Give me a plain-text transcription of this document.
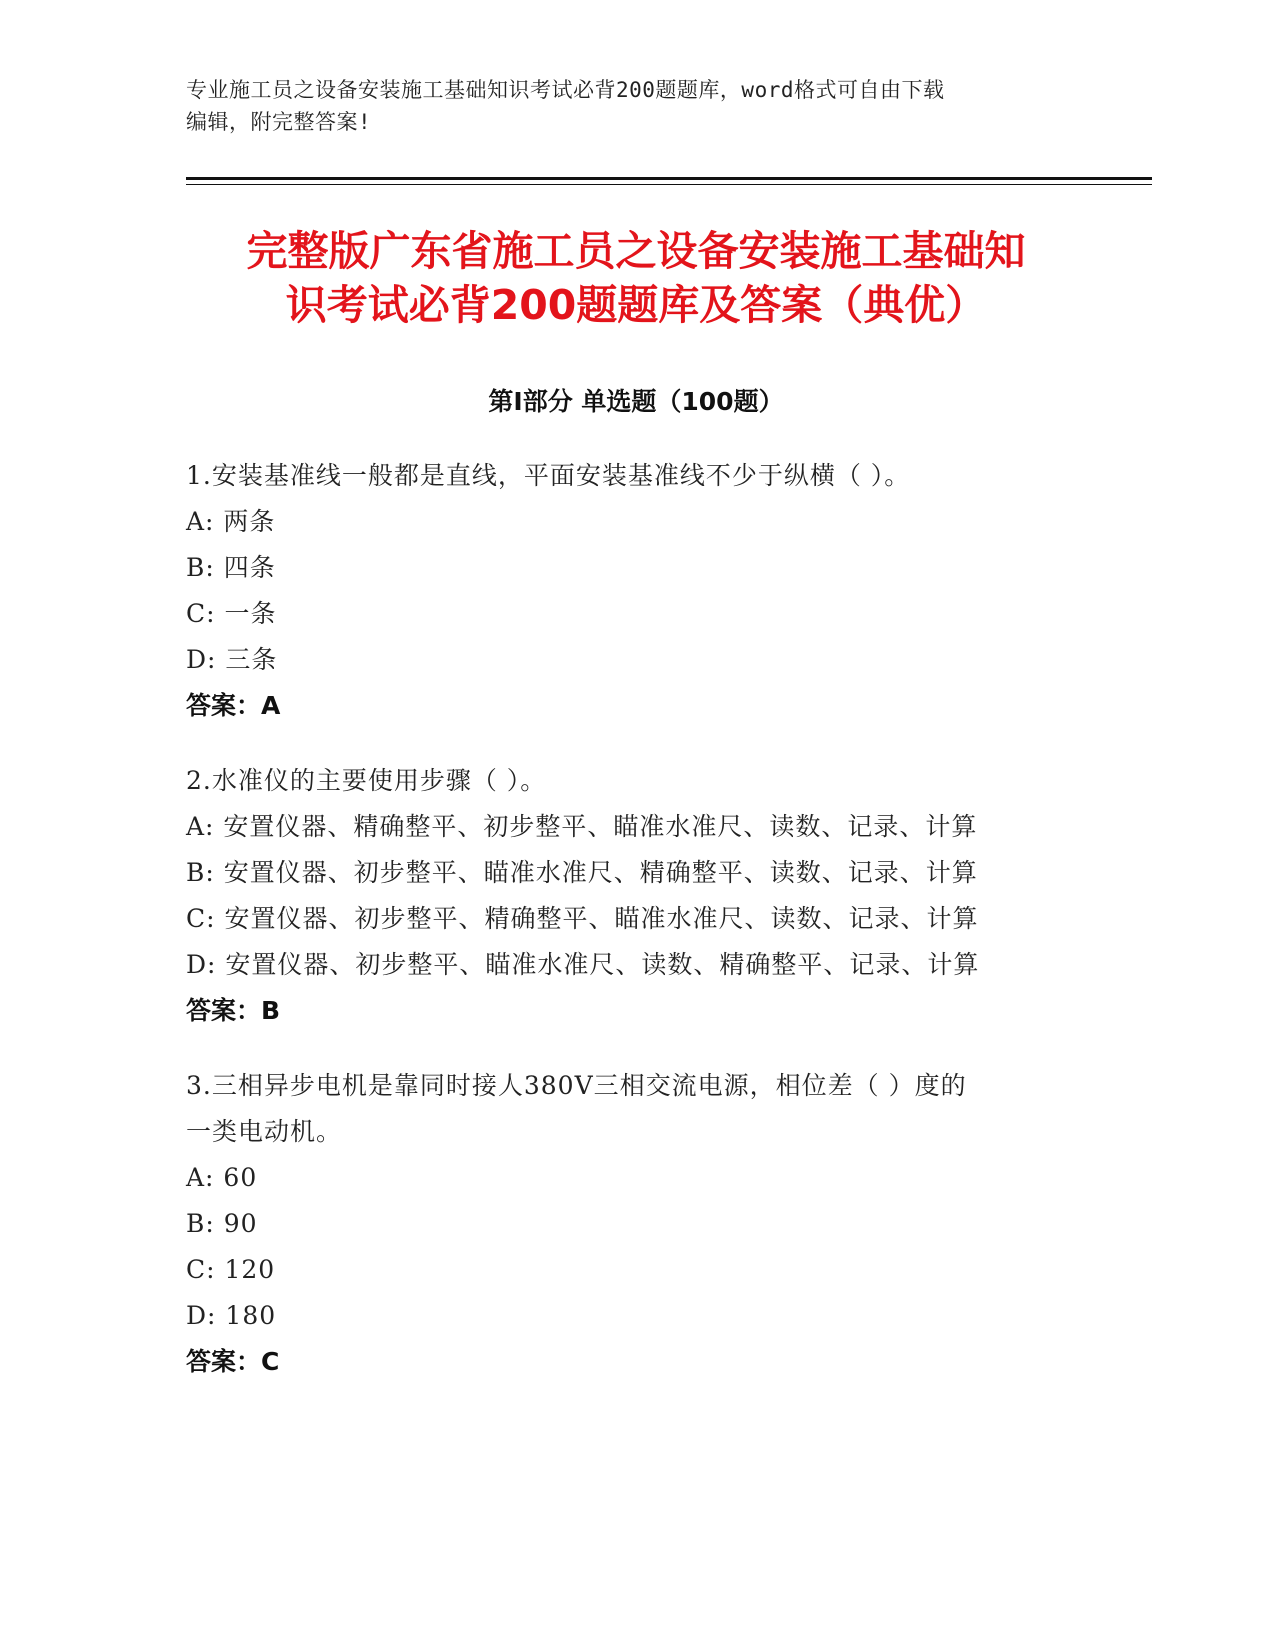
专业施工员之设备安装施工基础知识考试必背200题题库，word格式可自由下载
编辑，附完整答案!
完整版广东省施工员之设备安装施工基础知
识考试必背200题题库及答案（典优）
第Ⅰ部分 单选题（100题）
1.安装基准线一般都是直线，平面安装基准线不少于纵横（ ）。
A: 两条
B: 四条
C: 一条
D: 三条
答案：A
2.水准仪的主要使用步骤（ ）。
A: 安置仪器、精确整平、初步整平、瞄准水准尺、读数、记录、计算
B: 安置仪器、初步整平、瞄准水准尺、精确整平、读数、记录、计算
C: 安置仪器、初步整平、精确整平、瞄准水准尺、读数、记录、计算
D: 安置仪器、初步整平、瞄准水准尺、读数、精确整平、记录、计算
答案：B
3.三相异步电机是靠同时接人380V三相交流电源，相位差（ ）度的
一类电动机。
A: 60
B: 90
C: 120
D: 180
答案：C
